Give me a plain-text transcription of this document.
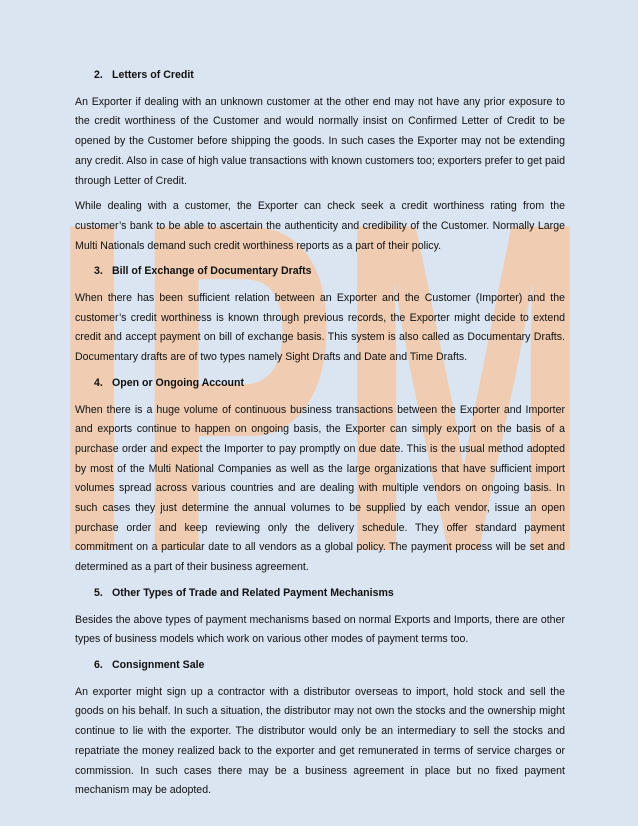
IPM
2. Letters of Credit

An Exporter if dealing with an unknown customer at the other end may not have any prior exposure to the credit worthiness of the Customer and would normally insist on Confirmed Letter of Credit to be opened by the Customer before shipping the goods. In such cases the Exporter may not be extending any credit. Also in case of high value transactions with known customers too; exporters prefer to get paid through Letter of Credit.

While dealing with a customer, the Exporter can check seek a credit worthiness rating from the customer’s bank to be able to ascertain the authenticity and credibility of the Customer. Normally Large Multi Nationals demand such credit worthiness reports as a part of their policy.

3. Bill of Exchange of Documentary Drafts

When there has been sufficient relation between an Exporter and the Customer (Importer) and the customer’s credit worthiness is known through previous records, the Exporter might decide to extend credit and accept payment on bill of exchange basis. This system is also called as Documentary Drafts. Documentary drafts are of two types namely Sight Drafts and Date and Time Drafts.

4. Open or Ongoing Account

When there is a huge volume of continuous business transactions between the Exporter and Importer and exports continue to happen on ongoing basis, the Exporter can simply export on the basis of a purchase order and expect the Importer to pay promptly on due date. This is the usual method adopted by most of the Multi National Companies as well as the large organizations that have sufficient import volumes spread across various countries and are dealing with multiple vendors on ongoing basis. In such cases they just determine the annual volumes to be supplied by each vendor, issue an open purchase order and keep reviewing only the delivery schedule. They offer standard payment commitment on a particular date to all vendors as a global policy. The payment process will be set and determined as a part of their business agreement.

5. Other Types of Trade and Related Payment Mechanisms

Besides the above types of payment mechanisms based on normal Exports and Imports, there are other types of business models which work on various other modes of payment terms too.

6. Consignment Sale

An exporter might sign up a contractor with a distributor overseas to import, hold stock and sell the goods on his behalf. In such a situation, the distributor may not own the stocks and the ownership might continue to lie with the exporter. The distributor would only be an intermediary to sell the stocks and repatriate the money realized back to the exporter and get remunerated in terms of service charges or commission. In such cases there may be a business agreement in place but no fixed payment mechanism may be adopted.
